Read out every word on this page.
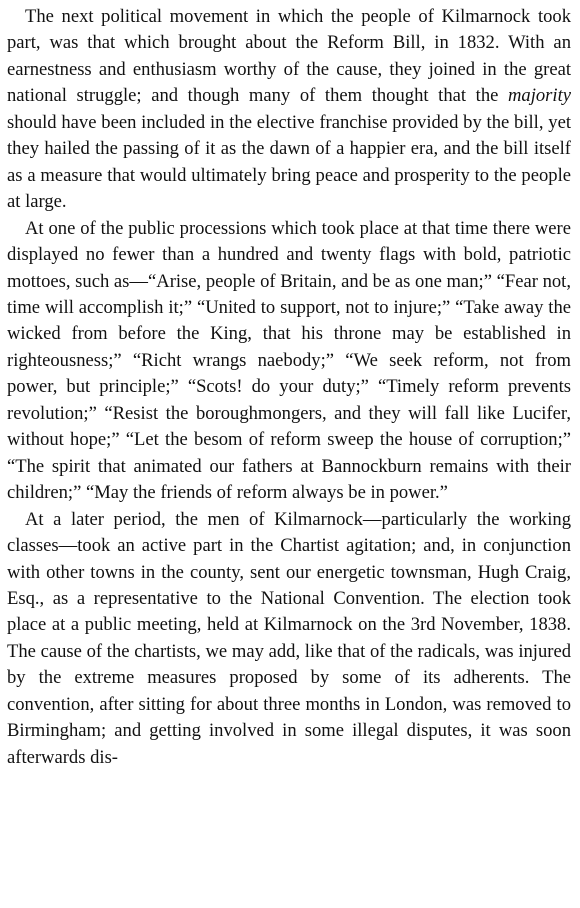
The next political movement in which the people of Kilmarnock took part, was that which brought about the Reform Bill, in 1832. With an earnestness and enthusiasm worthy of the cause, they joined in the great national struggle; and though many of them thought that the majority should have been included in the elective franchise provided by the bill, yet they hailed the passing of it as the dawn of a happier era, and the bill itself as a measure that would ultimately bring peace and prosperity to the people at large.

At one of the public processions which took place at that time there were displayed no fewer than a hundred and twenty flags with bold, patriotic mottoes, such as—“Arise, people of Britain, and be as one man;” “Fear not, time will accomplish it;” “United to support, not to injure;” “Take away the wicked from before the King, that his throne may be established in righteousness;” “Richt wrangs naebody;” “We seek reform, not from power, but principle;” “Scots! do your duty;” “Timely reform prevents revolution;” “Resist the boroughmongers, and they will fall like Lucifer, without hope;” “Let the besom of reform sweep the house of corruption;” “The spirit that animated our fathers at Bannockburn remains with their children;” “May the friends of reform always be in power.”

At a later period, the men of Kilmarnock—particularly the working classes—took an active part in the Chartist agitation; and, in conjunction with other towns in the county, sent our energetic townsman, Hugh Craig, Esq., as a representative to the National Convention. The election took place at a public meeting, held at Kilmarnock on the 3rd November, 1838. The cause of the chartists, we may add, like that of the radicals, was injured by the extreme measures proposed by some of its adherents. The convention, after sitting for about three months in London, was removed to Birmingham; and getting involved in some illegal disputes, it was soon afterwards dis-
